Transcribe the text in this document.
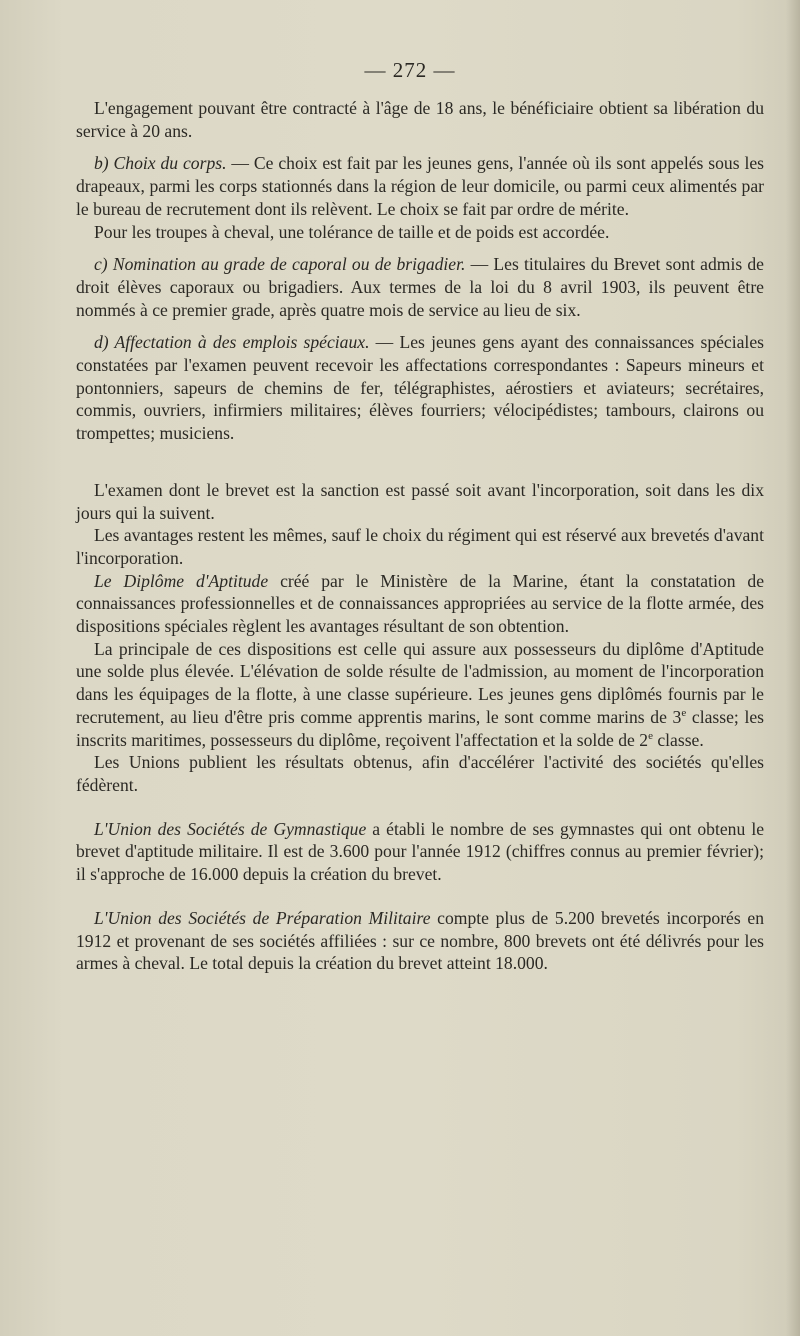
— 272 —

L'engagement pouvant être contracté à l'âge de 18 ans, le bénéficiaire obtient sa libération du service à 20 ans.

b) Choix du corps. — Ce choix est fait par les jeunes gens, l'année où ils sont appelés sous les drapeaux, parmi les corps stationnés dans la région de leur domicile, ou parmi ceux alimentés par le bureau de recrutement dont ils relèvent. Le choix se fait par ordre de mérite.

Pour les troupes à cheval, une tolérance de taille et de poids est accordée.

c) Nomination au grade de caporal ou de brigadier. — Les titulaires du Brevet sont admis de droit élèves caporaux ou brigadiers. Aux termes de la loi du 8 avril 1903, ils peuvent être nommés à ce premier grade, après quatre mois de service au lieu de six.

d) Affectation à des emplois spéciaux. — Les jeunes gens ayant des connaissances spéciales constatées par l'examen peuvent recevoir les affectations correspondantes : Sapeurs mineurs et pontonniers, sapeurs de chemins de fer, télégraphistes, aérostiers et aviateurs; secrétaires, commis, ouvriers, infirmiers militaires; élèves fourriers; vélocipédistes; tambours, clairons ou trompettes; musiciens.

L'examen dont le brevet est la sanction est passé soit avant l'incorporation, soit dans les dix jours qui la suivent.

Les avantages restent les mêmes, sauf le choix du régiment qui est réservé aux brevetés d'avant l'incorporation.

Le Diplôme d'Aptitude créé par le Ministère de la Marine, étant la constatation de connaissances professionnelles et de connaissances appropriées au service de la flotte armée, des dispositions spéciales règlent les avantages résultant de son obtention.

La principale de ces dispositions est celle qui assure aux possesseurs du diplôme d'Aptitude une solde plus élevée. L'élévation de solde résulte de l'admission, au moment de l'incorporation dans les équipages de la flotte, à une classe supérieure. Les jeunes gens diplômés fournis par le recrutement, au lieu d'être pris comme apprentis marins, le sont comme marins de 3e classe; les inscrits maritimes, possesseurs du diplôme, reçoivent l'affectation et la solde de 2e classe.

Les Unions publient les résultats obtenus, afin d'accélérer l'activité des sociétés qu'elles fédèrent.

L'Union des Sociétés de Gymnastique a établi le nombre de ses gymnastes qui ont obtenu le brevet d'aptitude militaire. Il est de 3.600 pour l'année 1912 (chiffres connus au premier février); il s'approche de 16.000 depuis la création du brevet.

L'Union des Sociétés de Préparation Militaire compte plus de 5.200 brevetés incorporés en 1912 et provenant de ses sociétés affiliées : sur ce nombre, 800 brevets ont été délivrés pour les armes à cheval. Le total depuis la création du brevet atteint 18.000.
